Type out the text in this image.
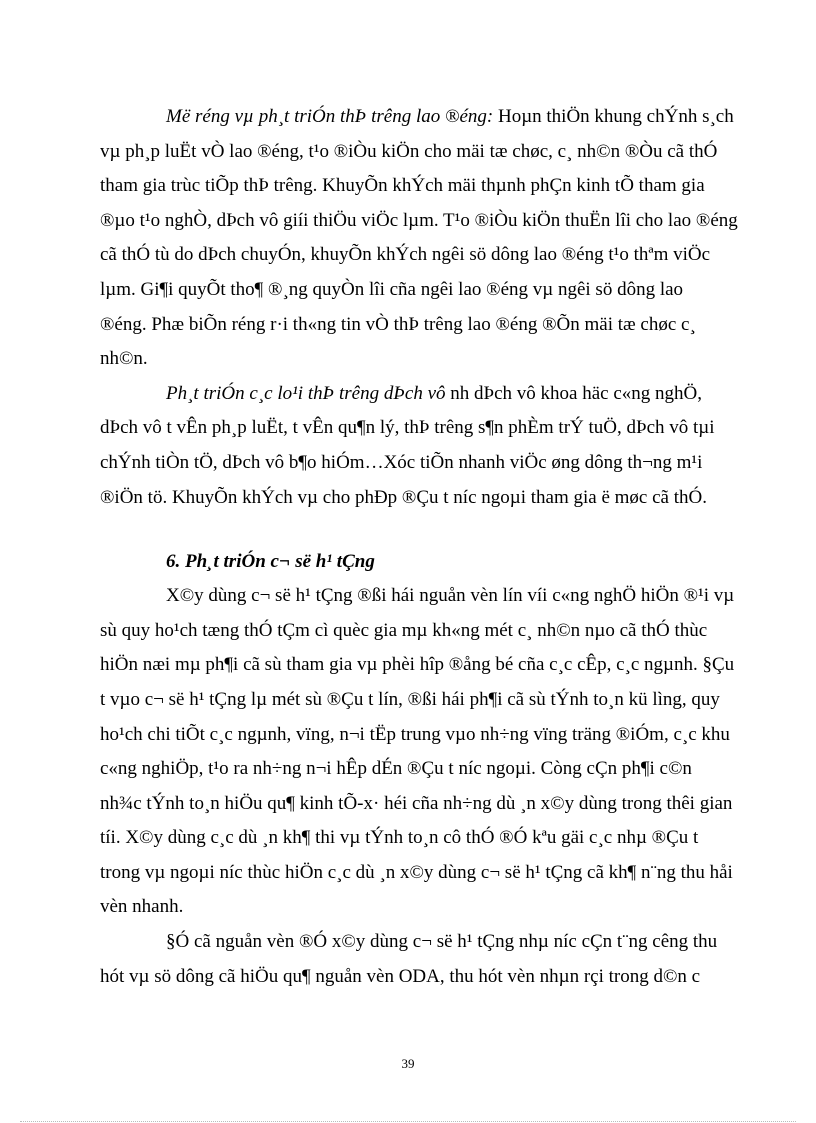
Më réng vµ ph¸t triÓn thÞ trêng lao ®éng: Hoµn thiÖn khung chÝnh s¸ch
vµ ph¸p luËt vÒ lao ®éng, t¹o ®iÒu kiÖn cho mäi tæ chøc, c¸ nh©n ®Òu cã thÓ
tham gia trùc tiÕp thÞ trêng. KhuyÕn khÝch mäi thµnh phÇn kinh tÕ tham gia
®µo t¹o nghÒ, dÞch vô giíi thiÖu viÖc lµm. T¹o ®iÒu kiÖn thuËn lîi cho lao ®éng
cã thÓ tù do dÞch chuyÓn, khuyÕn khÝch ngêi sö dông lao ®éng t¹o thªm viÖc
lµm. Gi¶i quyÕt tho¶ ®¸ng quyÒn lîi cña ngêi lao ®éng vµ ngêi sö dông lao
®éng. Phæ biÕn réng r·i th«ng tin vÒ thÞ trêng lao ®éng ®Õn mäi tæ chøc c¸
nh©n.

Ph¸t triÓn c¸c lo¹i thÞ trêng dÞch vô nh dÞch vô khoa häc c«ng nghÖ,
dÞch vô t vÊn ph¸p luËt, t vÊn qu¶n lý, thÞ trêng s¶n phÈm trÝ tuÖ, dÞch vô tµi
chÝnh tiÒn tÖ, dÞch vô b¶o hiÓm…Xóc tiÕn nhanh viÖc øng dông th¬ng m¹i
®iÖn tö. KhuyÕn khÝch vµ cho phÐp ®Çu t níc ngoµi tham gia ë møc cã thÓ.

6. Ph¸t triÓn c¬ së h¹ tÇng

X©y dùng c¬ së h¹ tÇng ®ßi hái nguån vèn lín víi c«ng nghÖ hiÖn ®¹i vµ
sù quy ho¹ch tæng thÓ tÇm cì quèc gia mµ kh«ng mét c¸ nh©n nµo cã thÓ thùc
hiÖn næi mµ ph¶i cã sù tham gia vµ phèi hîp ®ång bé cña c¸c cÊp, c¸c ngµnh. §Çu
t vµo c¬ së h¹ tÇng lµ mét sù ®Çu t lín, ®ßi hái ph¶i cã sù tÝnh to¸n kü lìng, quy
ho¹ch chi tiÕt c¸c ngµnh, vïng, n¬i tËp trung vµo nh÷ng vïng träng ®iÓm, c¸c khu
c«ng nghiÖp, t¹o ra nh÷ng n¬i hÊp dÉn ®Çu t níc ngoµi. Còng cÇn ph¶i c©n
nh¾c tÝnh to¸n hiÖu qu¶ kinh tÕ-x· héi cña nh÷ng dù ¸n x©y dùng trong thêi gian
tíi. X©y dùng c¸c dù ¸n kh¶ thi vµ tÝnh to¸n cô thÓ ®Ó kªu gäi c¸c nhµ ®Çu t
trong vµ ngoµi níc thùc hiÖn c¸c dù ¸n x©y dùng c¬ së h¹ tÇng cã kh¶ n¨ng thu håi
vèn nhanh.

§Ó cã nguån vèn ®Ó x©y dùng c¬ së h¹ tÇng nhµ níc cÇn t¨ng cêng thu
hót vµ sö dông cã hiÖu qu¶ nguån vèn ODA, thu hót vèn nhµn rçi trong d©n c

39
